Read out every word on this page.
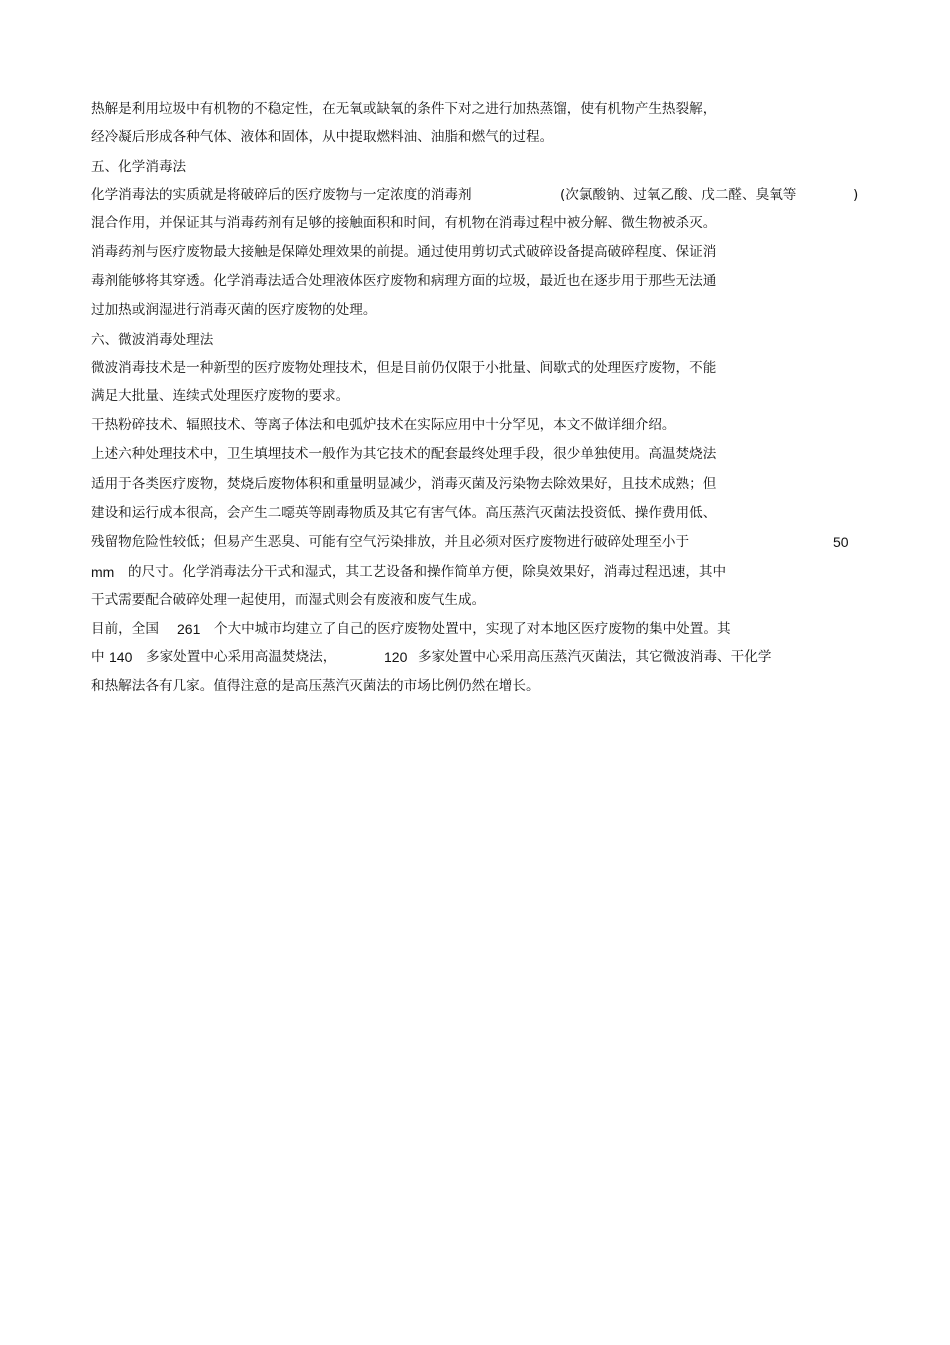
热解是利用垃圾中有机物的不稳定性，在无氧或缺氧的条件下对之进行加热蒸馏，使有机物产生热裂解，

经冷凝后形成各种气体、液体和固体，从中提取燃料油、油脂和燃气的过程。

五、化学消毒法

化学消毒法的实质就是将破碎后的医疗废物与一定浓度的消毒剂	(次氯酸钠、过氧乙酸、戊二醛、臭氧等	)

混合作用，并保证其与消毒药剂有足够的接触面积和时间，有机物在消毒过程中被分解、微生物被杀灭。

消毒药剂与医疗废物最大接触是保障处理效果的前提。通过使用剪切式式破碎设备提高破碎程度、保证消

毒剂能够将其穿透。化学消毒法适合处理液体医疗废物和病理方面的垃圾，最近也在逐步用于那些无法通

过加热或润湿进行消毒灭菌的医疗废物的处理。

六、微波消毒处理法

微波消毒技术是一种新型的医疗废物处理技术，但是目前仍仅限于小批量、间歇式的处理医疗废物，不能

满足大批量、连续式处理医疗废物的要求。

干热粉碎技术、辐照技术、等离子体法和电弧炉技术在实际应用中十分罕见，本文不做详细介绍。

上述六种处理技术中，卫生填埋技术一般作为其它技术的配套最终处理手段，很少单独使用。高温焚烧法

适用于各类医疗废物，焚烧后废物体积和重量明显减少，消毒灭菌及污染物去除效果好，且技术成熟；但

建设和运行成本很高，会产生二噁英等剧毒物质及其它有害气体。高压蒸汽灭菌法投资低、操作费用低、

残留物危险性较低；但易产生恶臭、可能有空气污染排放，并且必须对医疗废物进行破碎处理至小于	50

mm 的尺寸。化学消毒法分干式和湿式，其工艺设备和操作简单方便，除臭效果好，消毒过程迅速，其中

干式需要配合破碎处理一起使用，而湿式则会有废液和废气生成。

目前，全国 261 个大中城市均建立了自己的医疗废物处置中，实现了对本地区医疗废物的集中处置。其

中 140 多家处置中心采用高温焚烧法，	120 多家处置中心采用高压蒸汽灭菌法，其它微波消毒、干化学

和热解法各有几家。值得注意的是高压蒸汽灭菌法的市场比例仍然在增长。
